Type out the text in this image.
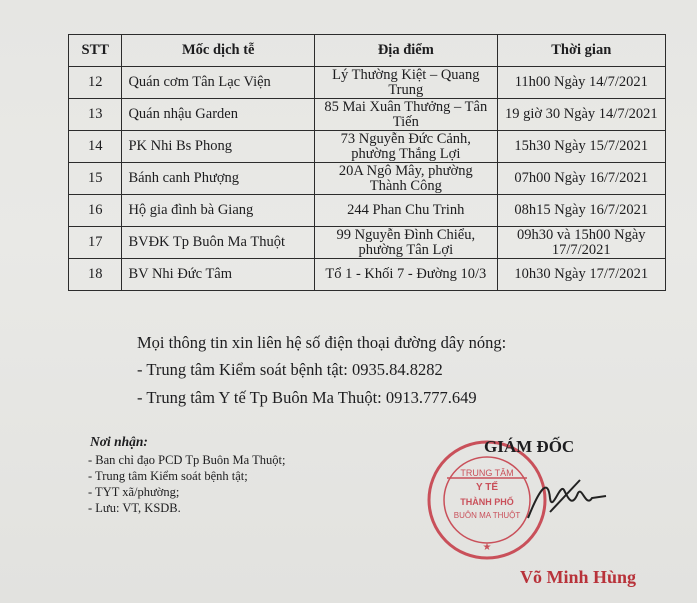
STT	Mốc dịch tễ	Địa điểm	Thời gian
12	Quán cơm Tân Lạc Viện	Lý Thường Kiệt – Quang Trung	11h00 Ngày 14/7/2021
13	Quán nhậu Garden	85 Mai Xuân Thưởng – Tân Tiến	19 giờ 30 Ngày 14/7/2021
14	PK Nhi Bs Phong	73 Nguyễn Đức Cảnh, phường Thắng Lợi	15h30 Ngày 15/7/2021
15	Bánh canh Phượng	20A Ngô Mây, phường Thành Công	07h00 Ngày 16/7/2021
16	Hộ gia đình bà Giang	244 Phan Chu Trinh	08h15 Ngày 16/7/2021
17	BVĐK Tp Buôn Ma Thuột	99 Nguyễn Đình Chiểu, phường Tân Lợi	09h30 và 15h00 Ngày 17/7/2021
18	BV Nhi Đức Tâm	Tổ 1 - Khối 7 - Đường 10/3	10h30 Ngày 17/7/2021
Mọi thông tin xin liên hệ số điện thoại đường dây nóng:
- Trung tâm Kiểm soát bệnh tật: 0935.84.8282
- Trung tâm Y tế Tp Buôn Ma Thuột: 0913.777.649
Nơi nhận:
- Ban chỉ đạo PCD Tp Buôn Ma Thuột;
- Trung tâm Kiểm soát bệnh tật;
- TYT xã/phường;
- Lưu: VT, KSDB.
TRUNG TÂM
Y TẾ
THÀNH PHỐ
BUÔN MA THUỘT
★
GIÁM ĐỐC
Võ Minh Hùng
